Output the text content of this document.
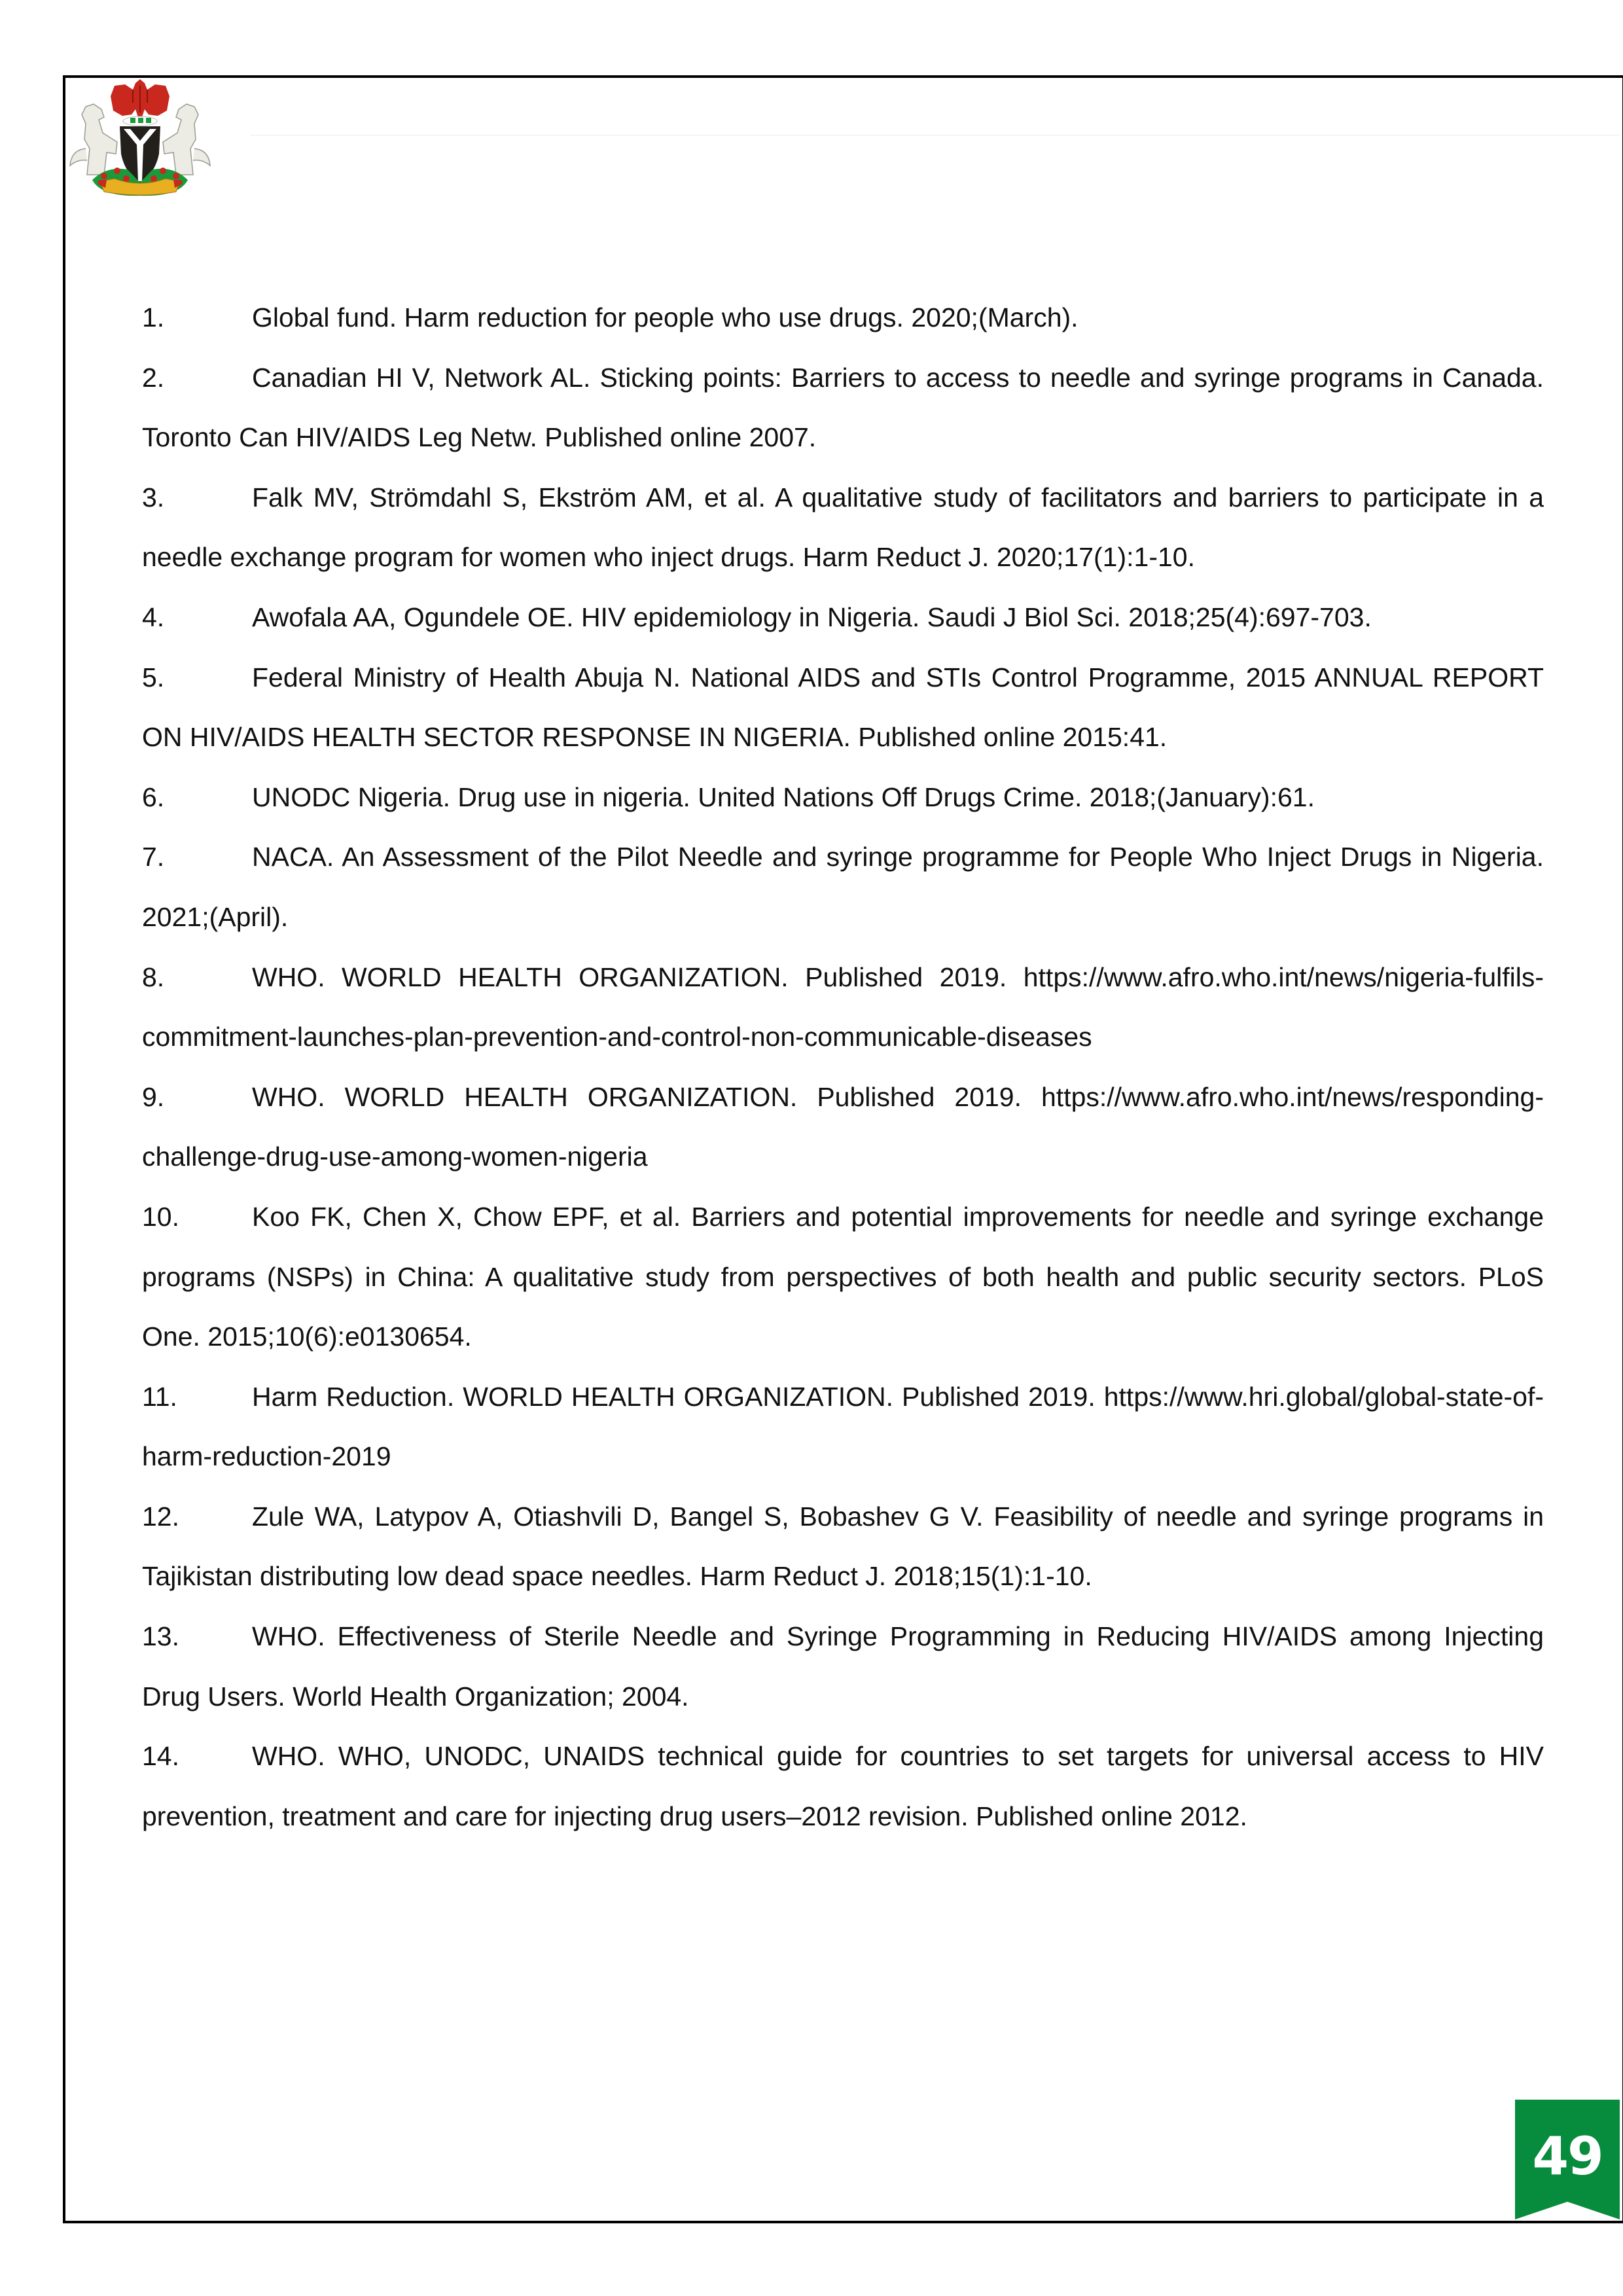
1.	Global fund. Harm reduction for people who use drugs. 2020;(March).
2.	Canadian HI V, Network AL. Sticking points: Barriers to access to needle and syringe programs in Canada. Toronto Can HIV/AIDS Leg Netw. Published online 2007.
3.	Falk MV, Strömdahl S, Ekström AM, et al. A qualitative study of facilitators and barriers to participate in a needle exchange program for women who inject drugs. Harm Reduct J. 2020;17(1):1-10.
4.	Awofala AA, Ogundele OE. HIV epidemiology in Nigeria. Saudi J Biol Sci. 2018;25(4):697-703.
5.	Federal Ministry of Health Abuja N. National AIDS and STIs Control Programme, 2015 ANNUAL REPORT ON HIV/AIDS HEALTH SECTOR RESPONSE IN NIGERIA. Published online 2015:41.
6.	UNODC Nigeria. Drug use in nigeria. United Nations Off Drugs Crime. 2018;(January):61.
7.	NACA. An Assessment of the Pilot Needle and syringe programme for People Who Inject Drugs in Nigeria. 2021;(April).
8.	WHO. WORLD HEALTH ORGANIZATION. Published 2019. https://www.afro.who.int/news/nigeria-fulfils-commitment-launches-plan-prevention-and-control-non-communicable-diseases
9.	WHO. WORLD HEALTH ORGANIZATION. Published 2019. https://www.afro.who.int/news/responding-challenge-drug-use-among-women-nigeria
10.	Koo FK, Chen X, Chow EPF, et al. Barriers and potential improvements for needle and syringe exchange programs (NSPs) in China: A qualitative study from perspectives of both health and public security sectors. PLoS One. 2015;10(6):e0130654.
11.	Harm Reduction. WORLD HEALTH ORGANIZATION. Published 2019. https://www.hri.global/global-state-of-harm-reduction-2019
12.	Zule WA, Latypov A, Otiashvili D, Bangel S, Bobashev G V. Feasibility of needle and syringe programs in Tajikistan distributing low dead space needles. Harm Reduct J. 2018;15(1):1-10.
13.	WHO. Effectiveness of Sterile Needle and Syringe Programming in Reducing HIV/AIDS among Injecting Drug Users. World Health Organization; 2004.
14.	WHO. WHO, UNODC, UNAIDS technical guide for countries to set targets for universal access to HIV prevention, treatment and care for injecting drug users–2012 revision. Published online 2012.
49
